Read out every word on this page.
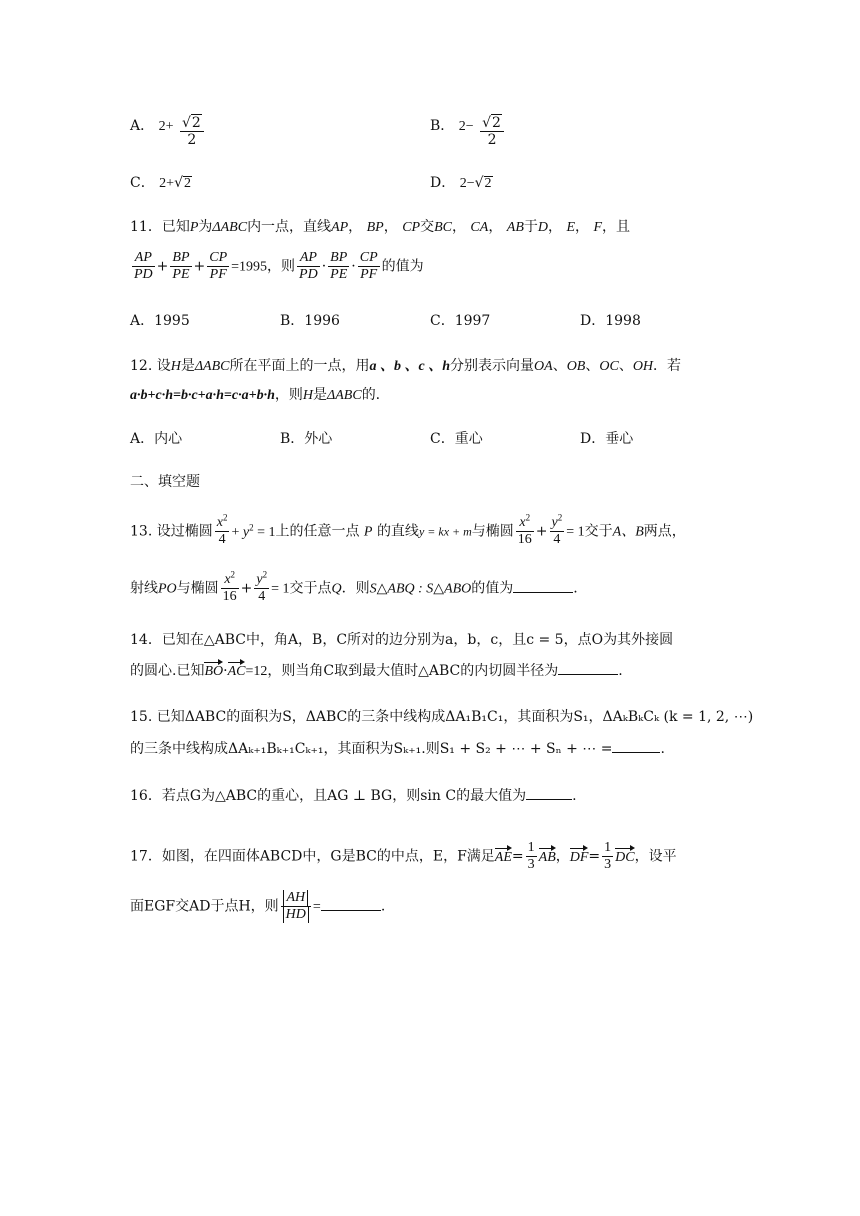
A． $2+ \frac{√2}{2}$	B． $2- \frac{√2}{2}$
C． 2+√2	D． 2−√2
11．已知P为ΔABC内一点，直线AP， BP， CP交BC， CA， AB于D， E， F，且
$\frac{AP}{PD} + \frac{BP}{PE} + \frac{CP}{PF} =1995$，则 $\frac{AP}{PD} \cdot \frac{BP}{PE} \cdot \frac{CP}{PF}$ 的值为
A．1995	B．1996	C．1997	D．1998
12. 设H是ΔABC所在平面上的一点，用a 、b 、c 、h分别表示向量OA、OB、OC、OH．若
a·b+c·h=b·c+a·h=c·a+b·h，则H是ΔABC的.
A．内心	B．外心	C．重心	D．垂心
二、填空题
13. 设过椭圆 $\frac{x^2}{4} + y^2 = 1$上的任意一点 P 的直线y = kx + m与椭圆 $\frac{x^2}{16} + \frac{y^2}{4} = 1$交于A、B两点，
射线PO与椭圆 $\frac{x^2}{16} + \frac{y^2}{4} = 1$交于点Q．则S△ABQ : S△ABO的值为	.
14．已知在△ABC中，角A，B，C所对的边分别为a，b，c，且c = 5，点O为其外接圆
的圆心.已知BO·AC=12，则当角C取到最大值时△ABC的内切圆半径为	.
15. 已知ΔABC的面积为S，ΔABC的三条中线构成ΔA₁B₁C₁，其面积为S₁，ΔAₖBₖCₖ (k = 1, 2, ⋯)
的三条中线构成ΔAₖ₊₁Bₖ₊₁Cₖ₊₁，其面积为Sₖ₊₁.则S₁ + S₂ + ⋯ + Sₙ + ⋯ =	.
16．若点G为△ABC的重心，且AG ⊥ BG，则sin C的最大值为	.
17．如图，在四面体ABCD中，G是BC的中点，E，F满足$AE= \frac{1}{3}$ AB，$DF= \frac{1}{3}$ DC，设平
面EGF交AD于点H，则 $\frac{AH}{HD}$ =	.
